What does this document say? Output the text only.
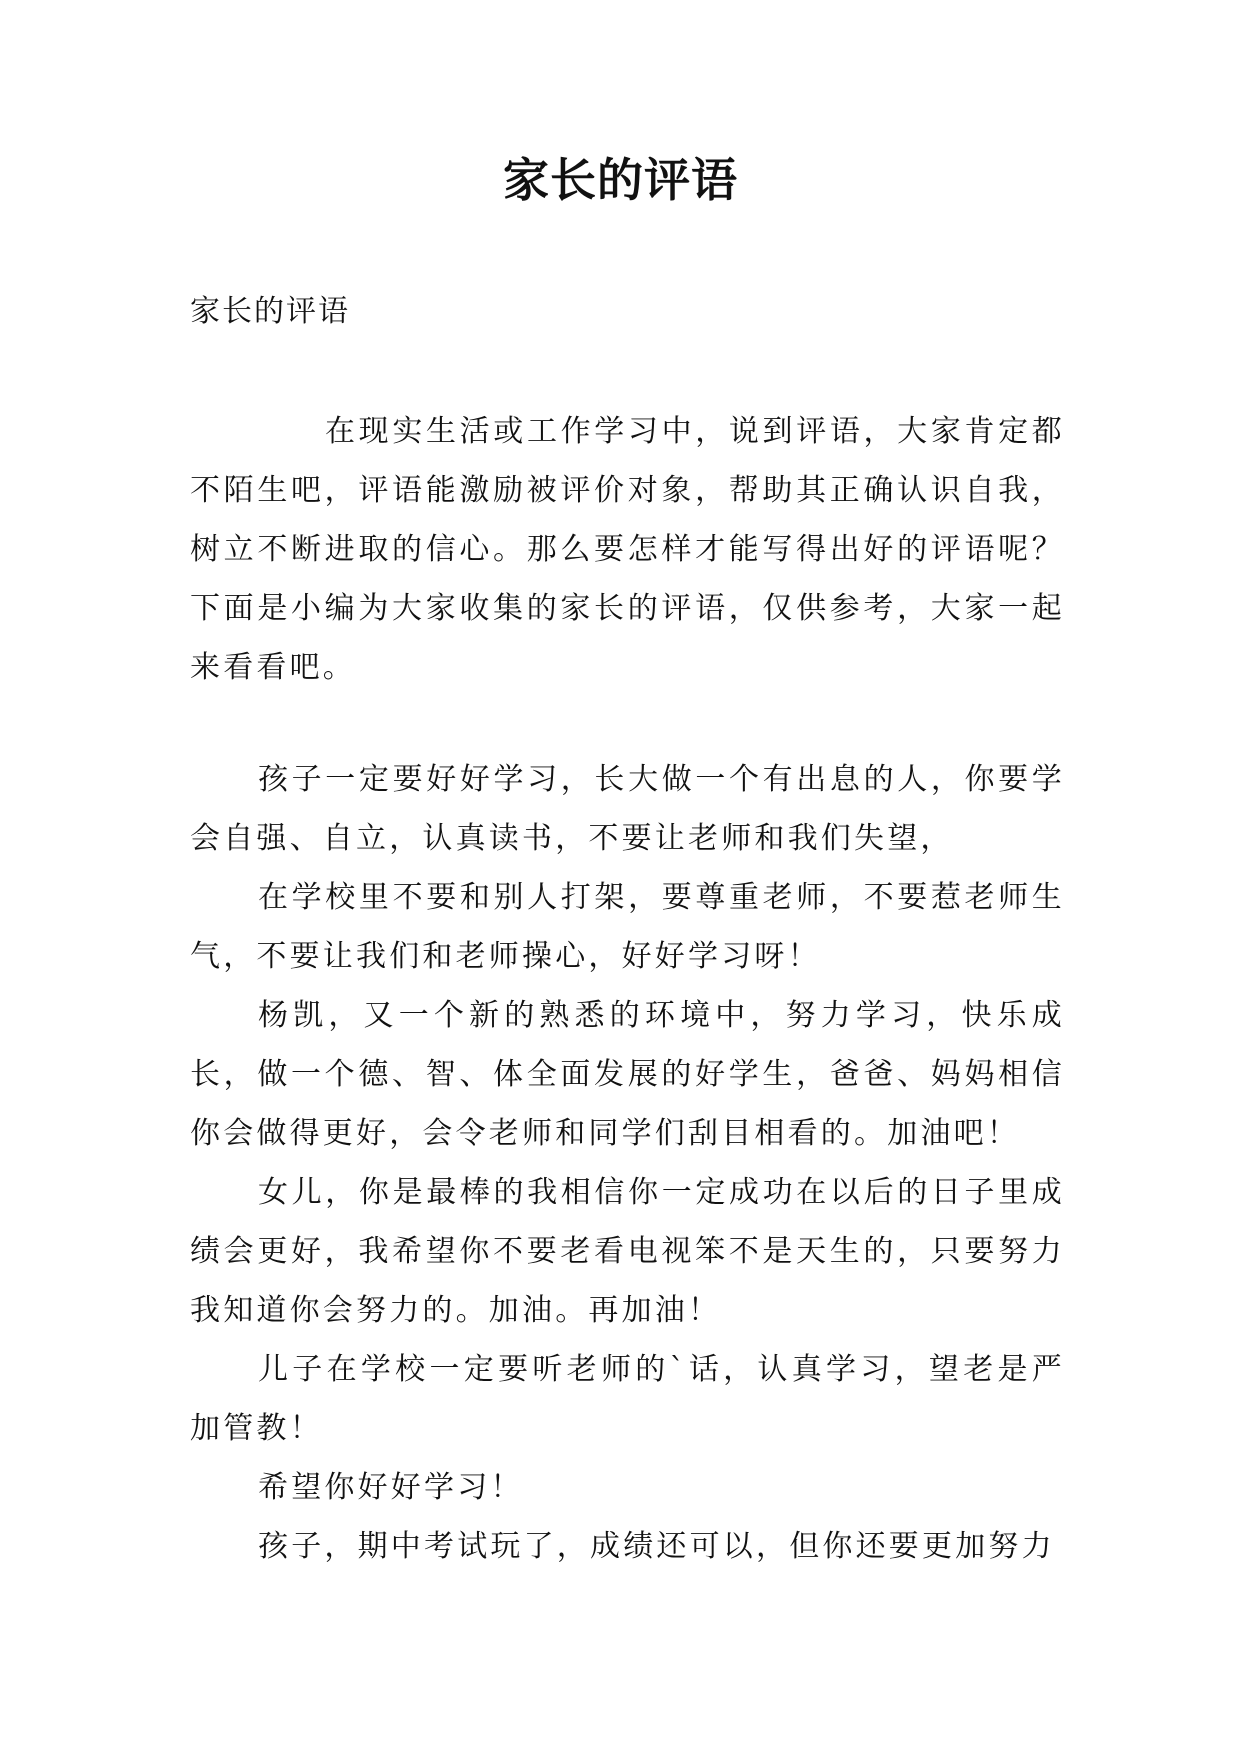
家长的评语

家长的评语

在现实生活或工作学习中，说到评语，大家肯定都不陌生吧，评语能激励被评价对象，帮助其正确认识自我，树立不断进取的信心。那么要怎样才能写得出好的评语呢？下面是小编为大家收集的家长的评语，仅供参考，大家一起来看看吧。

孩子一定要好好学习，长大做一个有出息的人，你要学会自强、自立，认真读书，不要让老师和我们失望，

在学校里不要和别人打架，要尊重老师，不要惹老师生气，不要让我们和老师操心，好好学习呀！

杨凯，又一个新的熟悉的环境中，努力学习，快乐成长，做一个德、智、体全面发展的好学生，爸爸、妈妈相信你会做得更好，会令老师和同学们刮目相看的。加油吧！

女儿，你是最棒的我相信你一定成功在以后的日子里成绩会更好，我希望你不要老看电视笨不是天生的，只要努力我知道你会努力的。加油。再加油！

儿子在学校一定要听老师的`话，认真学习，望老是严加管教！

希望你好好学习！

孩子，期中考试玩了，成绩还可以，但你还要更加努力
